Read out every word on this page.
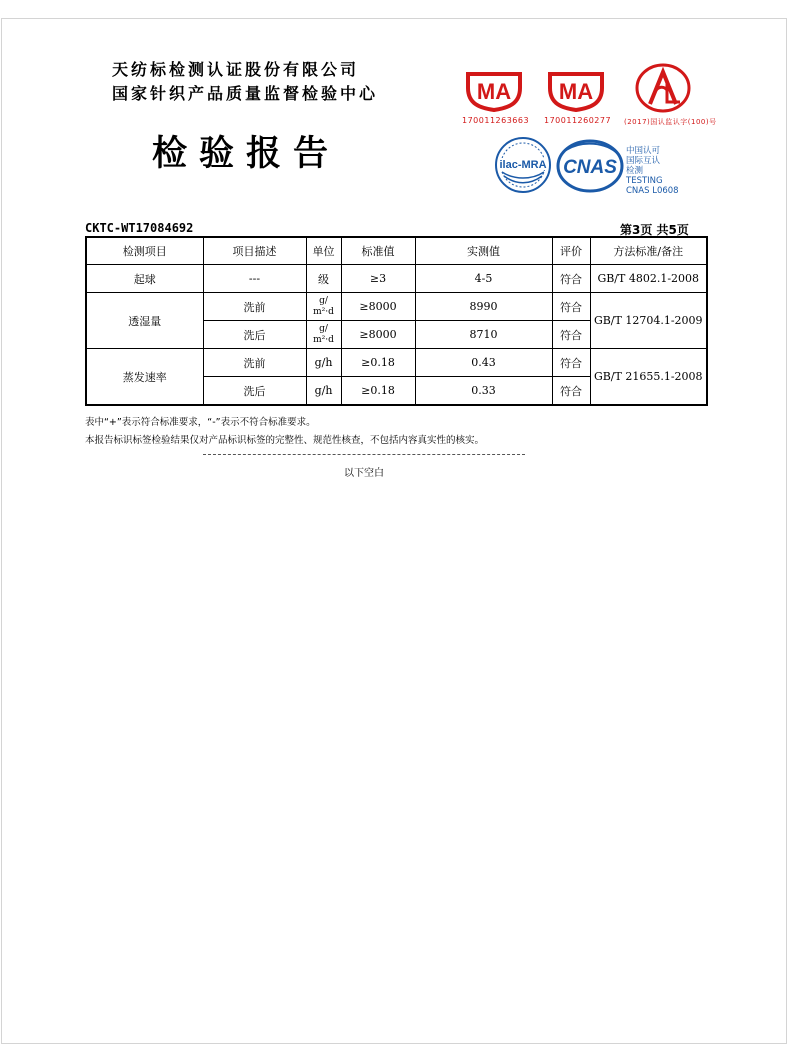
天纺标检测认证股份有限公司
国家针织产品质量监督检验中心
检验报告
MA
170011263663
MA
170011260277
CAL
(2017)国认监认字(100)号
ilac-MRA CNAS
中国认可
国际互认
检测
TESTING
CNAS L0608
CKTC-WT17084692	第3页 共5页
检测项目	项目描述	单位	标准值	实测值	评价	方法标准/备注
起球	---	级	≥3	4-5	符合	GB/T 4802.1-2008
透湿量	洗前	g/
m²·d	≥8000	8990	符合	GB/T 12704.1-2009
	洗后	g/
m²·d	≥8000	8710	符合	
蒸发速率	洗前	g/h	≥0.18	0.43	符合	GB/T 21655.1-2008
	洗后	g/h	≥0.18	0.33	符合	
表中“+”表示符合标准要求，“-”表示不符合标准要求。
本报告标识标签检验结果仅对产品标识标签的完整性、规范性核查，不包括内容真实性的核实。
以下空白
